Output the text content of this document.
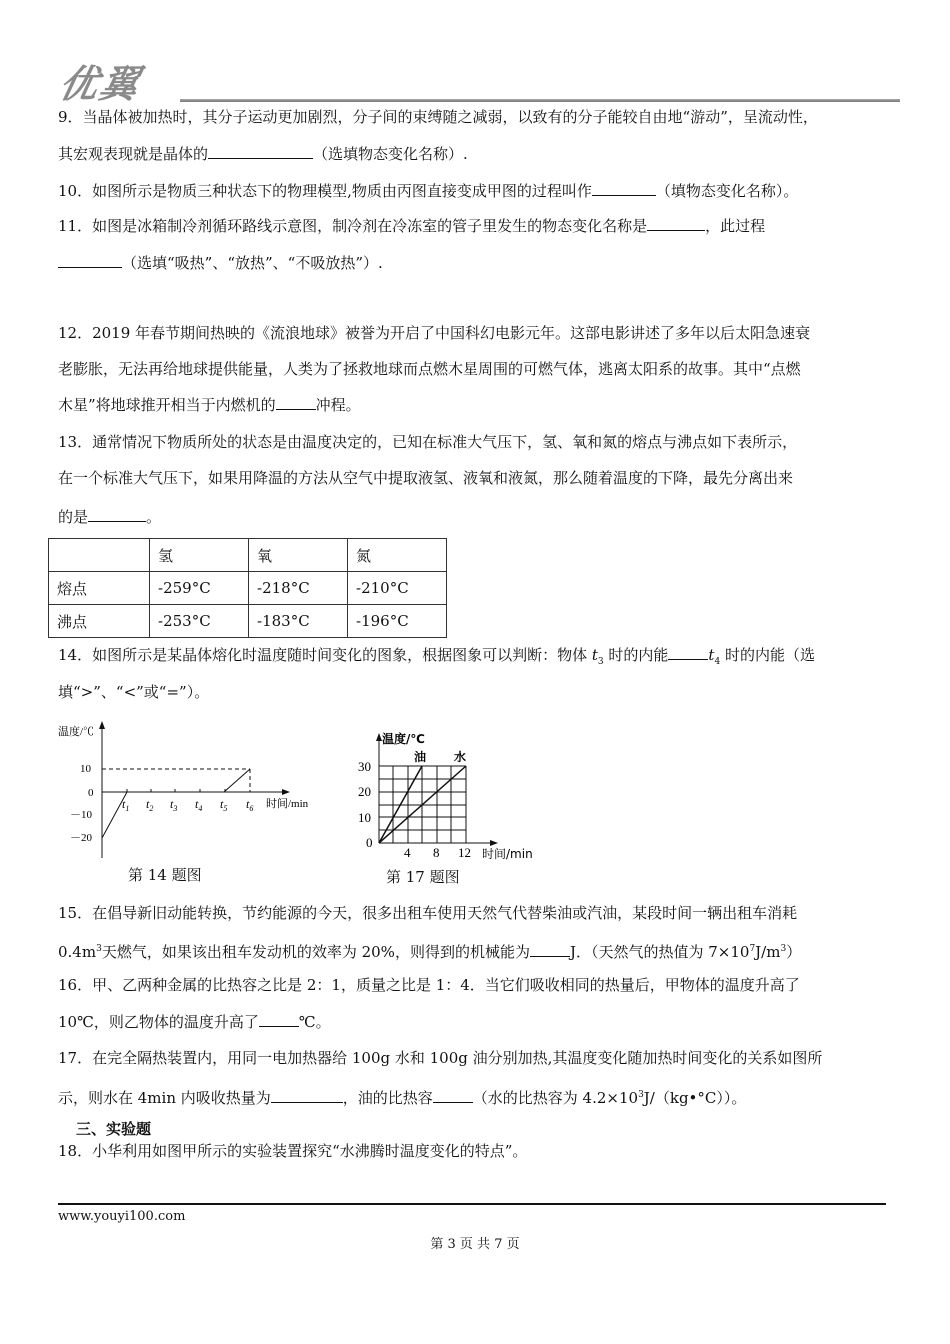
优翼
9．当晶体被加热时，其分子运动更加剧烈，分子间的束缚随之减弱，以致有的分子能较自由地“游动”，呈流动性，
其宏观表现就是晶体的	（选填物态变化名称）.
10．如图所示是物质三种状态下的物理模型,物质由丙图直接变成甲图的过程叫作	（填物态变化名称）。
11．如图是冰箱制冷剂循环路线示意图，制冷剂在冷冻室的管子里发生的物态变化名称是	，此过程
（选填“吸热”、“放热”、“不吸放热”）.
12．2019 年春节期间热映的《流浪地球》被誉为开启了中国科幻电影元年。这部电影讲述了多年以后太阳急速衰
老膨胀，无法再给地球提供能量，人类为了拯救地球而点燃木星周围的可燃气体，逃离太阳系的故事。其中“点燃
木星”将地球推开相当于内燃机的	冲程。
13．通常情况下物质所处的状态是由温度决定的，已知在标准大气压下，氢、氧和氮的熔点与沸点如下表所示，
在一个标准大气压下，如果用降温的方法从空气中提取液氢、液氧和液氮，那么随着温度的下降，最先分离出来
的是	。
	氢	氧	氮
熔点	-259°C	-218°C	-210°C
沸点	-253°C	-183°C	-196°C
14．如图所示是某晶体熔化时温度随时间变化的图象，根据图象可以判断：物体 $t_3$ 时的内能	$t_4$ 时的内能（选
填“>”、“<”或“=”）。
温度/℃
10
0
－10
－20
$t_1$ $t_2$ $t_3$ $t_4$ $t_5$ $t_6$ 时间/min
第 14 题图
温度/℃
30
20
10
0
4 8 12 时间/min
油 水
第 17 题图
15．在倡导新旧动能转换，节约能源的今天，很多出租车使用天然气代替柴油或汽油，某段时间一辆出租车消耗
$0.4m^3$天燃气，如果该出租车发动机的效率为 20%，则得到的机械能为	J．（天然气的热值为 $7\times 10^7J/m^3$）
16．甲、乙两种金属的比热容之比是 2：1，质量之比是 1：4．当它们吸收相同的热量后，甲物体的温度升高了
10℃，则乙物体的温度升高了	℃。
17．在完全隔热装置内，用同一电加热器给 100g 水和 100g 油分别加热,其温度变化随加热时间变化的关系如图所
示，则水在 4min 内吸收热量为	，油的比热容	（水的比热容为 $4.2\times 10^3J/(kg•^\circ C)$）。
三、实验题
18．小华利用如图甲所示的实验装置探究“水沸腾时温度变化的特点”。
www.youyi100.com
第 3 页 共 7 页
